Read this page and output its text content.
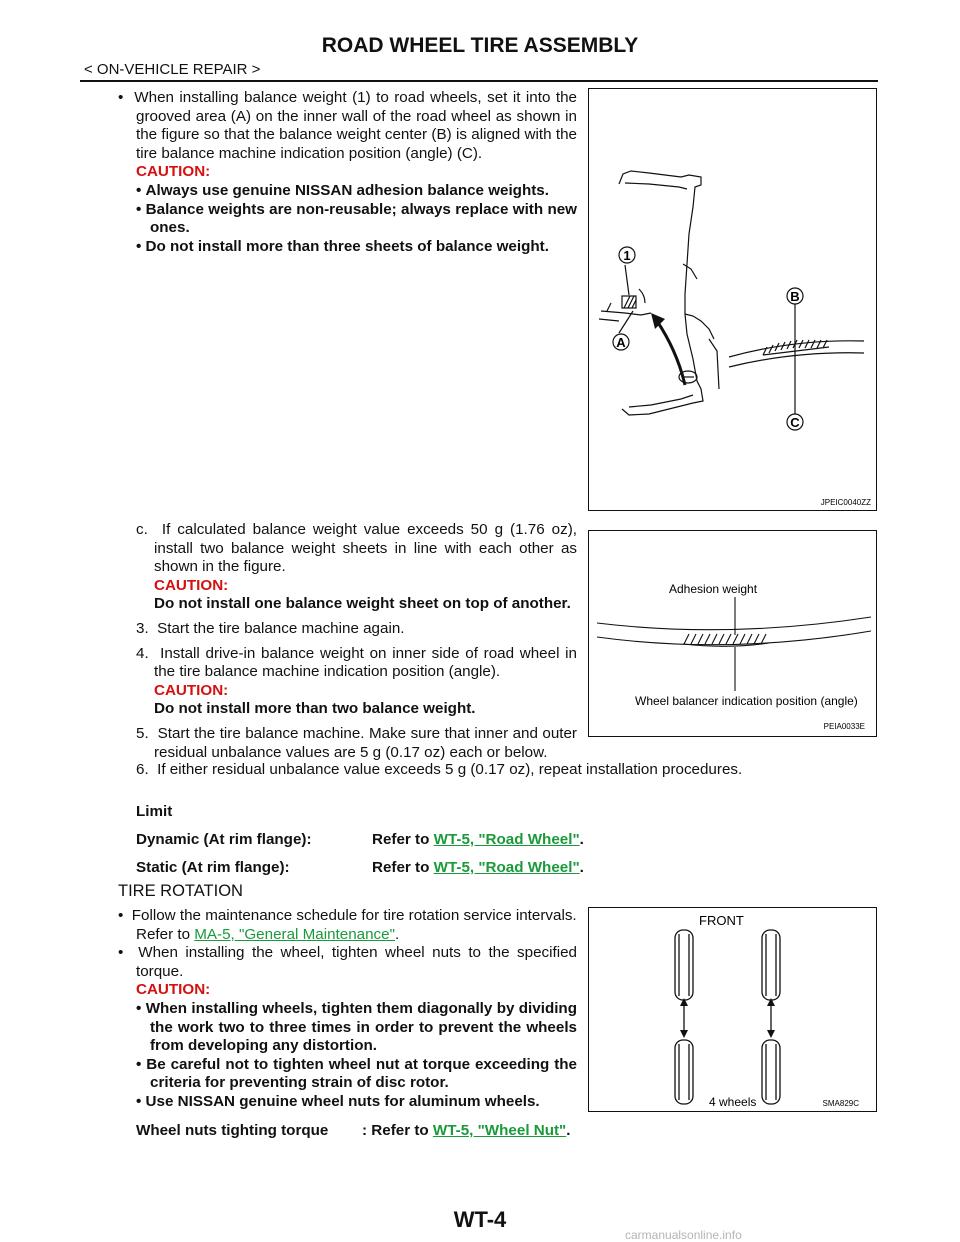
ROAD WHEEL TIRE ASSEMBLY
< ON-VEHICLE REPAIR >
•  When installing balance weight (1) to road wheels, set it into the grooved area (A) on the inner wall of the road wheel as shown in the figure so that the balance weight center (B) is aligned with the tire balance machine indication position (angle) (C).
CAUTION:
• Always use genuine NISSAN adhesion balance weights.
• Balance weights are non-reusable; always replace with new ones.
• Do not install more than three sheets of balance weight.
1
A
B
C
JPEIC0040ZZ
c. If calculated balance weight value exceeds 50 g (1.76 oz), install two balance weight sheets in line with each other as shown in the figure.
CAUTION:
Do not install one balance weight sheet on top of another.
3. Start the tire balance machine again.
4. Install drive-in balance weight on inner side of road wheel in the tire balance machine indication position (angle).
CAUTION:
Do not install more than two balance weight.
5. Start the tire balance machine. Make sure that inner and outer residual unbalance values are 5 g (0.17 oz) each or below.
Adhesion weight
Wheel balancer indication position (angle)
PEIA0033E
6. If either residual unbalance value exceeds 5 g (0.17 oz), repeat installation procedures.
Limit	
Dynamic (At rim flange):	Refer to WT-5, "Road Wheel".
Static (At rim flange):	Refer to WT-5, "Road Wheel".
TIRE ROTATION
•  Follow the maintenance schedule for tire rotation service intervals.
Refer to MA-5, "General Maintenance".
•  When installing the wheel, tighten wheel nuts to the specified torque.
CAUTION:
• When installing wheels, tighten them diagonally by dividing the work two to three times in order to prevent the wheels from developing any distortion.
• Be careful not to tighten wheel nut at torque exceeding the criteria for preventing strain of disc rotor.
• Use NISSAN genuine wheel nuts for aluminum wheels.
FRONT
4 wheels	SMA829C
Wheel nuts tighting torque : Refer to WT-5, "Wheel Nut".
WT-4
carmanualsonline.info
